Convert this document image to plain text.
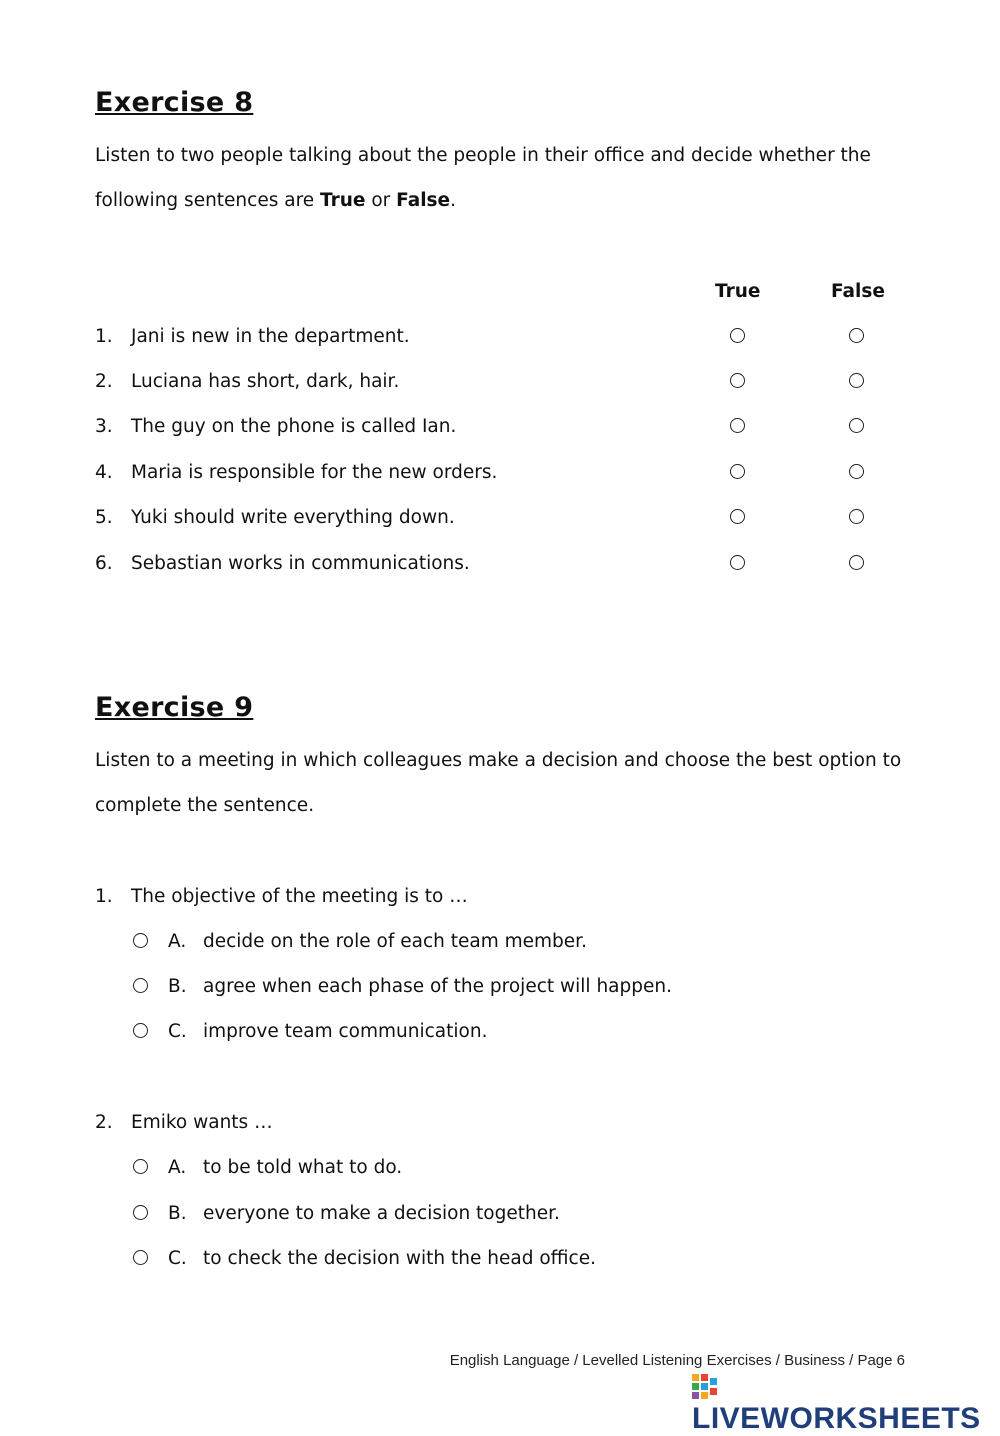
Exercise 8
Listen to two people talking about the people in their office and decide whether the
following sentences are True or False.
True	False
1. Jani is new in the department.
2. Luciana has short, dark, hair.
3. The guy on the phone is called Ian.
4. Maria is responsible for the new orders.
5. Yuki should write everything down.
6. Sebastian works in communications.
Exercise 9
Listen to a meeting in which colleagues make a decision and choose the best option to
complete the sentence.
1. The objective of the meeting is to …
A. decide on the role of each team member.
B. agree when each phase of the project will happen.
C. improve team communication.
2. Emiko wants …
A. to be told what to do.
B. everyone to make a decision together.
C. to check the decision with the head office.
English Language / Levelled Listening Exercises / Business / Page 6
LIVEWORKSHEETS
